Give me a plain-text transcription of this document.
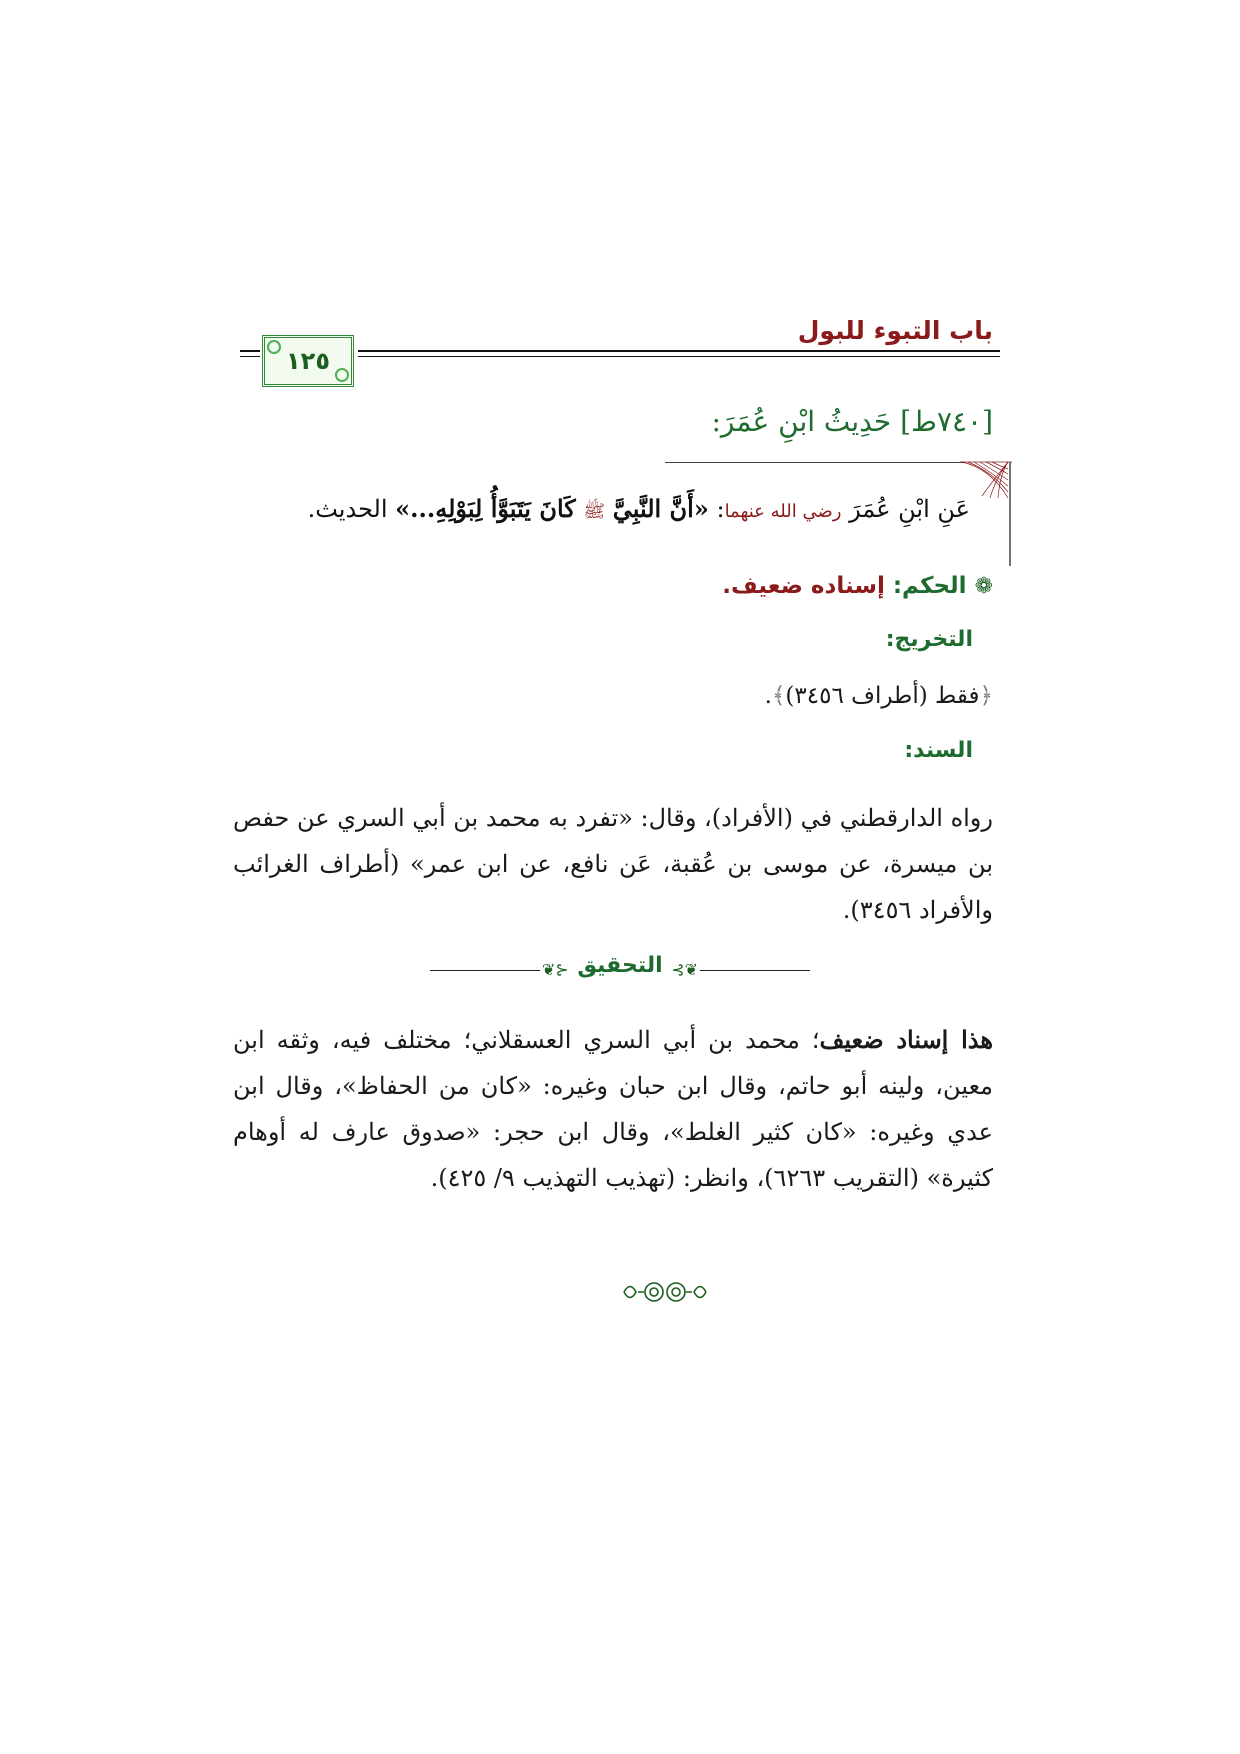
باب التبوء للبول
١٢٥
[٧٤٠ط] حَدِيثُ ابْنِ عُمَرَ:
عَنِ ابْنِ عُمَرَ رضي الله عنهما: «أَنَّ النَّبِيَّ ﷺ كَانَ يَتَبَوَّأُ لِبَوْلِهِ...» الحديث.
❁الحكم: إسناده ضعيف.
التخريج:
﴿فقط (أطراف ٣٤٥٦)﴾.
السند:
رواه الدارقطني في (الأفراد)، وقال: «تفرد به محمد بن أبي السري عن حفص بن ميسرة، عن موسى بن عُقبة، عَن نافع، عن ابن عمر» (أطراف الغرائب والأفراد ٣٤٥٦).
⊰❦	❦⊱
التحقيق
هذا إسناد ضعيف؛ محمد بن أبي السري العسقلاني؛ مختلف فيه، وثقه ابن معين، ولينه أبو حاتم، وقال ابن حبان وغيره: «كان من الحفاظ»، وقال ابن عدي وغيره: «كان كثير الغلط»، وقال ابن حجر: «صدوق عارف له أوهام كثيرة» (التقريب ٦٢٦٣)، وانظر: (تهذيب التهذيب ٩/ ٤٢٥).
